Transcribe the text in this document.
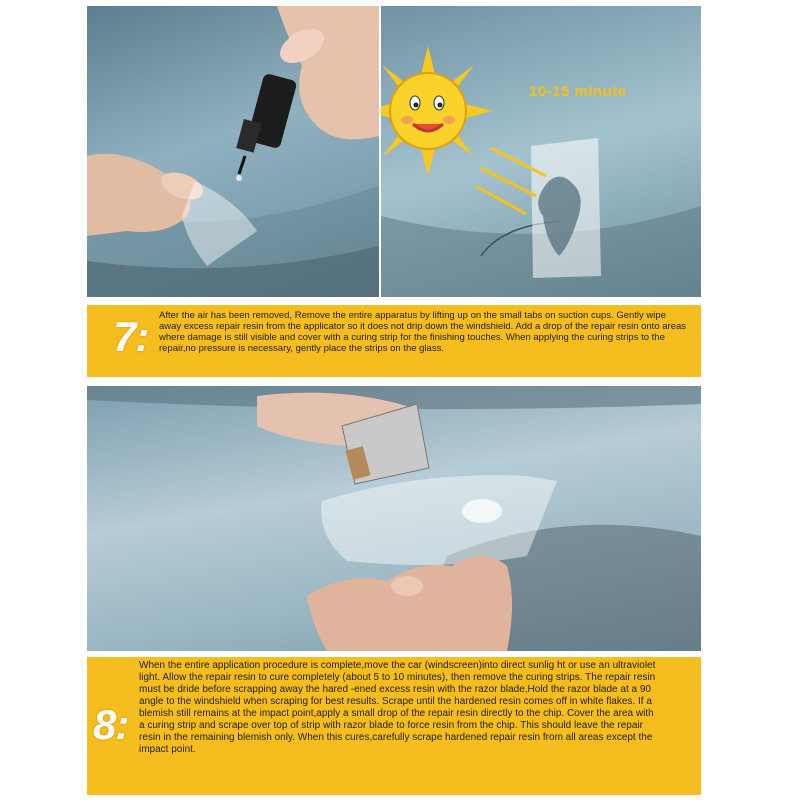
10-15 minute
7: After the air has been removed, Remove the entire apparatus by lifting up on the small tabs on suction cups. Gently wipe away excess repair resin from the applicator so it does not drip down the windshield. Add a drop of the repair resin onto areas where damage is still visible and cover with a curing strip for the finishing touches. When applying the curing strips to the repair,no pressure is necessary, gently place the strips on the glass.
8:
When the entire application procedure is complete,move the car (windscreen)into direct sunlig ht or use an ultraviolet light. Allow the repair resin to cure completely (about 5 to 10 minutes), then remove the curing strips. The repair resin must be dride before scrapping away the hared -ened excess resin with the razor blade,Hold the razor blade at a 90 angle to the windshield when scraping for best results. Scrape until the hardened resin comes off in white flakes. If a blemish still remains at the impact point,apply a small drop of the repair resin directly to the chip. Cover the area with a curing strip and scrape over top of strip with razor blade to force resin from the chip. This should leave the repair resin in the remaining blemish only. When this cures,carefully scrape hardened repair resin from all areas except the impact point.
